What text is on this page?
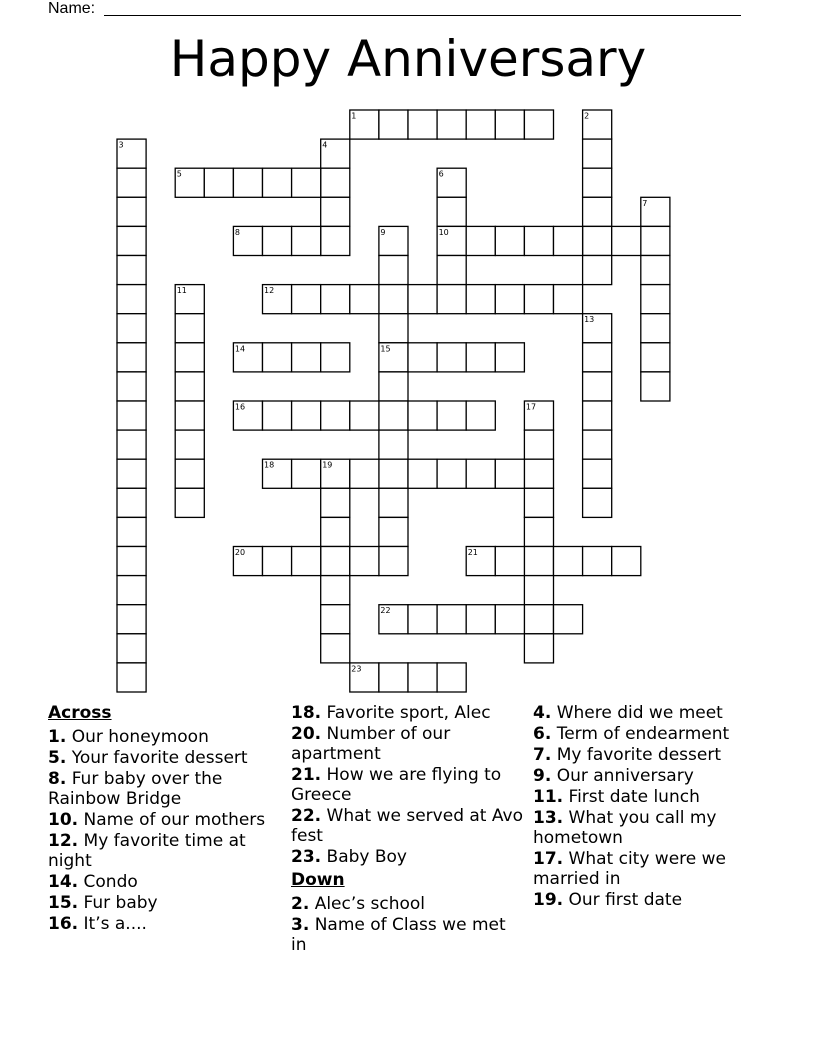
Name:
Happy Anniversary
1	2
3	4
5	6
7
8	9	10
11	12
13
14	15
16	17
18	19
20	21
22
23
Across
1. Our honeymoon
5. Your favorite dessert
8. Fur baby over the Rainbow Bridge
10. Name of our mothers
12. My favorite time at night
14. Condo
15. Fur baby
16. It’s a....
18. Favorite sport, Alec
20. Number of our apartment
21. How we are flying to Greece
22. What we served at Avo fest
23. Baby Boy
Down
2. Alec’s school
3. Name of Class we met in
4. Where did we meet
6. Term of endearment
7. My favorite dessert
9. Our anniversary
11. First date lunch
13. What you call my hometown
17. What city were we married in
19. Our first date
